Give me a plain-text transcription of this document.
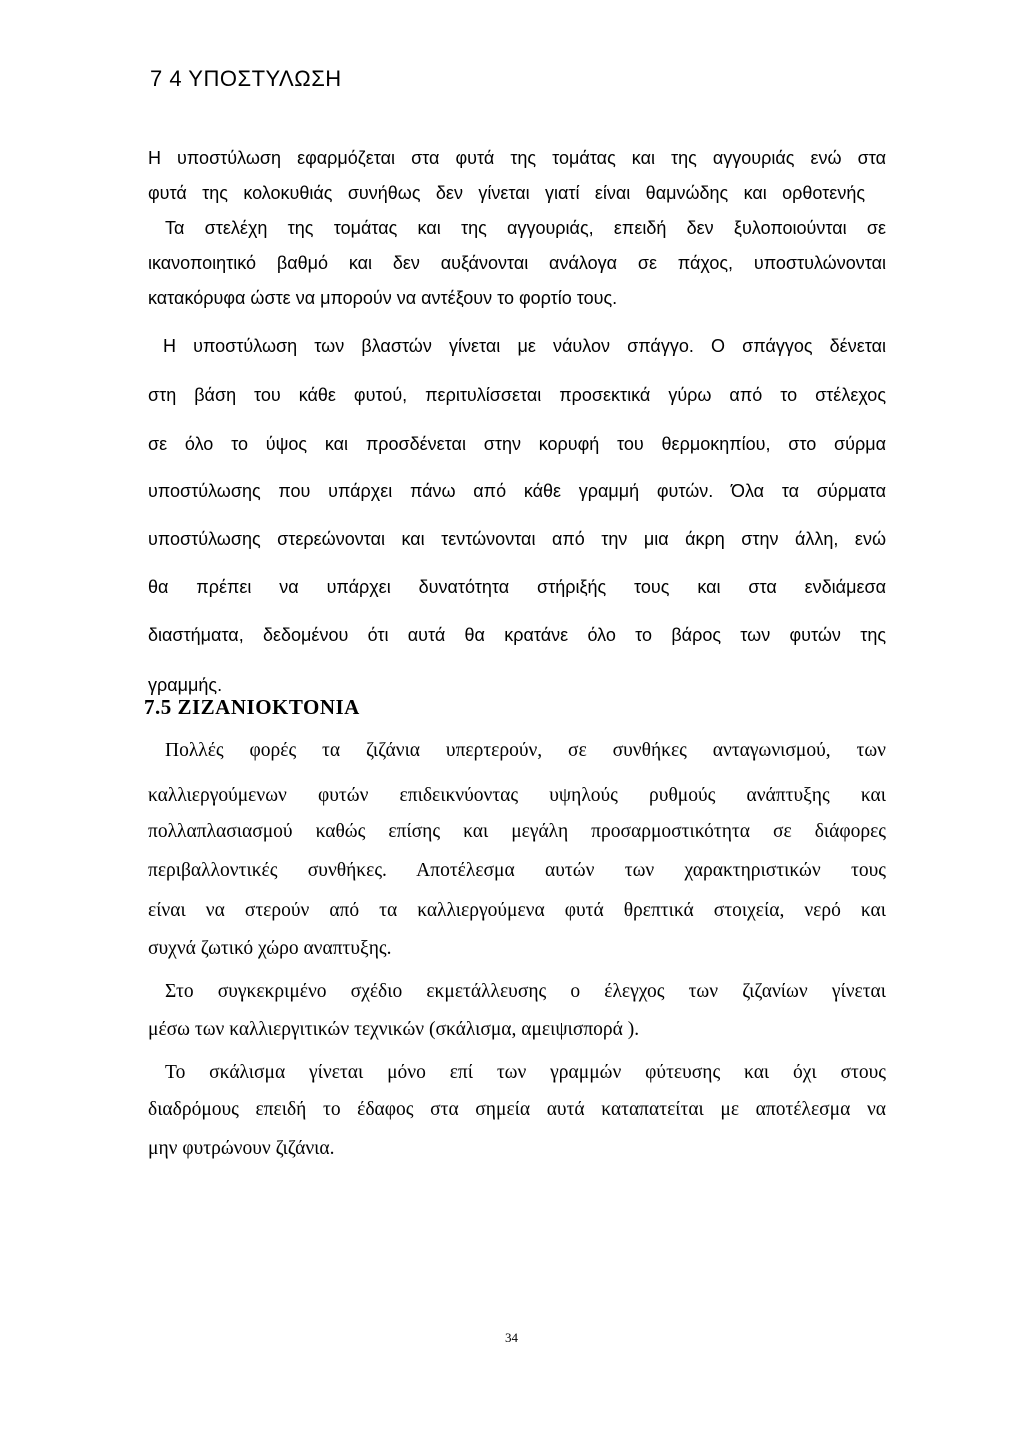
7 4 ΥΠΟΣΤΥΛΩΣΗ
Η υποστύλωση εφαρμόζεται στα φυτά της τομάτας και της αγγουριάς ενώ στα
φυτά της κολοκυθιάς συνήθως δεν γίνεται γιατί είναι θαμνώδης και ορθοτενής
Τα στελέχη της τομάτας και της αγγουριάς, επειδή δεν ξυλοποιούνται σε
ικανοποιητικό βαθμό και δεν αυξάνονται ανάλογα σε πάχος, υποστυλώνονται
κατακόρυφα ώστε να μπορούν να αντέξουν το φορτίο τους.
Η υποστύλωση των βλαστών γίνεται με νάυλον σπάγγο. Ο σπάγγος δένεται
στη βάση του κάθε φυτού, περιτυλίσσεται προσεκτικά γύρω από το στέλεχος
σε όλο το ύψος και προσδένεται στην κορυφή του θερμοκηπίου, στο σύρμα
υποστύλωσης που υπάρχει πάνω από κάθε γραμμή φυτών. Όλα τα σύρματα
υποστύλωσης στερεώνονται και τεντώνονται από την μια άκρη στην άλλη, ενώ
θα πρέπει να υπάρχει δυνατότητα στήριξής τους και στα ενδιάμεσα
διαστήματα, δεδομένου ότι αυτά θα κρατάνε όλο το βάρος των φυτών της
γραμμής.
7.5 ΖΙΖΑΝΙΟΚΤΟΝΙΑ
Πολλές φορές τα ζιζάνια υπερτερούν, σε συνθήκες ανταγωνισμού, των
καλλιεργούμενων φυτών επιδεικνύοντας υψηλούς ρυθμούς ανάπτυξης και
πολλαπλασιασμού καθώς επίσης και μεγάλη προσαρμοστικότητα σε διάφορες
περιβαλλοντικές συνθήκες. Αποτέλεσμα αυτών των χαρακτηριστικών τους
είναι να στερούν από τα καλλιεργούμενα φυτά θρεπτικά στοιχεία, νερό και
συχνά ζωτικό χώρο αναπτυξης.
Στο συγκεκριμένο σχέδιο εκμετάλλευσης ο έλεγχος των ζιζανίων γίνεται
μέσω των καλλιεργιτικών τεχνικών (σκάλισμα, αμειψισπορά ).
Το σκάλισμα γίνεται μόνο επί των γραμμών φύτευσης και όχι στους
διαδρόμους επειδή το έδαφος στα σημεία αυτά καταπατείται με αποτέλεσμα να
μην φυτρώνουν ζιζάνια.
34
